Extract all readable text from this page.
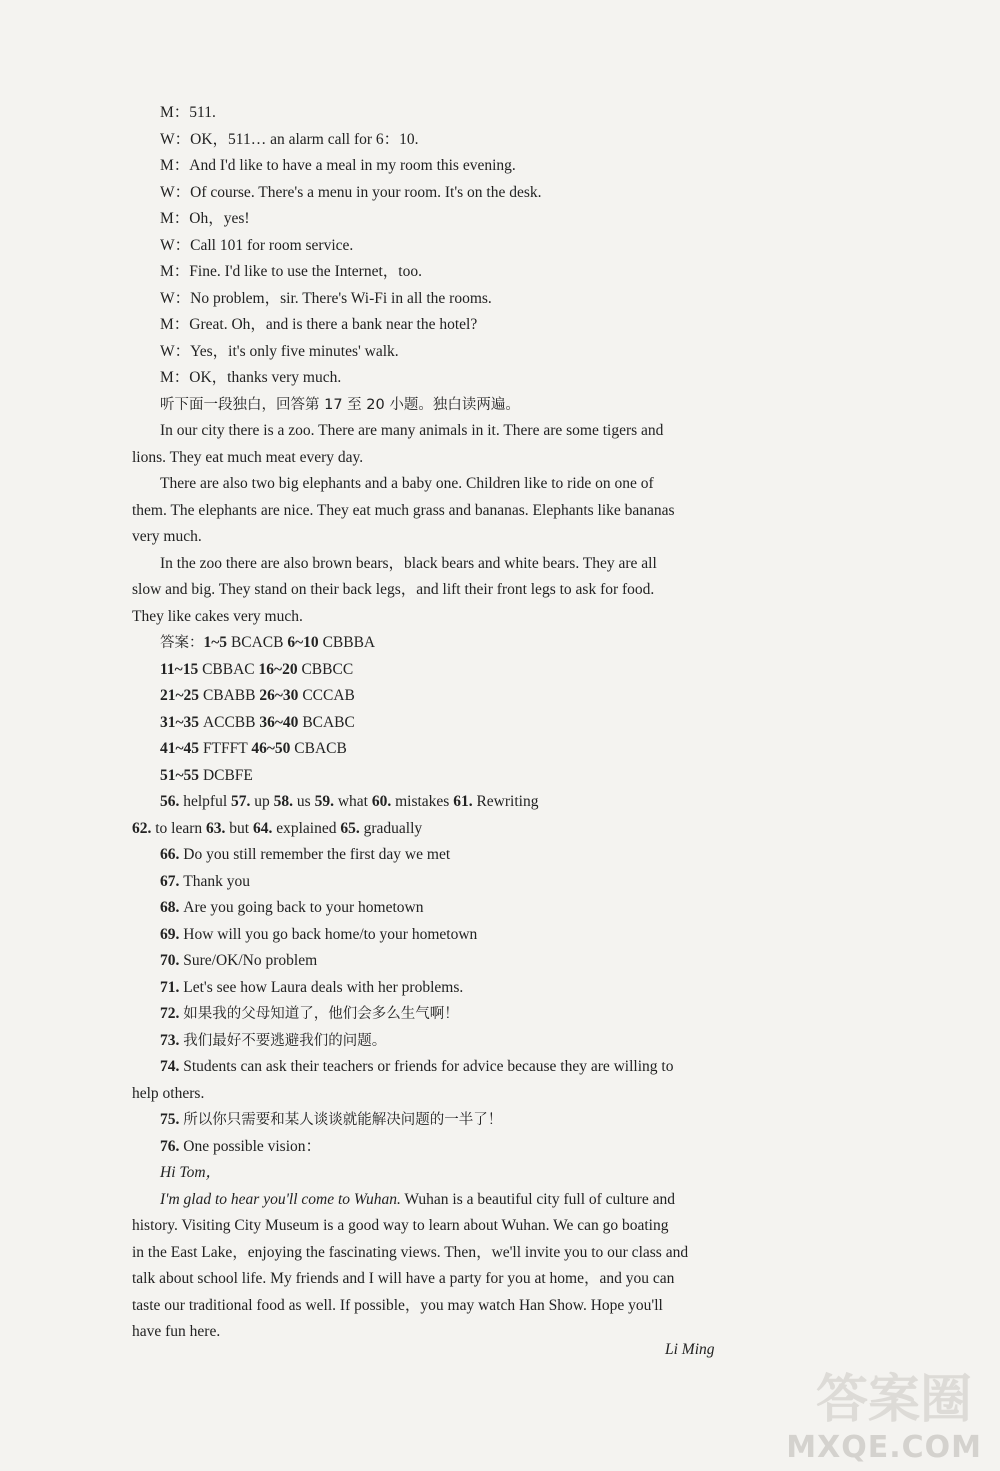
M：511.
W：OK，511… an alarm call for 6：10.
M：And I'd like to have a meal in my room this evening.
W：Of course. There's a menu in your room. It's on the desk.
M：Oh，yes!
W：Call 101 for room service.
M：Fine. I'd like to use the Internet，too.
W：No problem，sir. There's Wi-Fi in all the rooms.
M：Great. Oh，and is there a bank near the hotel?
W：Yes，it's only five minutes' walk.
M：OK，thanks very much.
听下面一段独白，回答第 17 至 20 小题。独白读两遍。
In our city there is a zoo. There are many animals in it. There are some tigers and
lions. They eat much meat every day.
There are also two big elephants and a baby one. Children like to ride on one of
them. The elephants are nice. They eat much grass and bananas. Elephants like bananas
very much.
In the zoo there are also brown bears，black bears and white bears. They are all
slow and big. They stand on their back legs，and lift their front legs to ask for food.
They like cakes very much.
答案：1~5 BCACB 6~10 CBBBA
11~15 CBBAC 16~20 CBBCC
21~25 CBABB 26~30 CCCAB
31~35 ACCBB 36~40 BCABC
41~45 FTFFT 46~50 CBACB
51~55 DCBFE
56. helpful 57. up 58. us 59. what 60. mistakes 61. Rewriting
62. to learn 63. but 64. explained 65. gradually
66. Do you still remember the first day we met
67. Thank you
68. Are you going back to your hometown
69. How will you go back home/to your hometown
70. Sure/OK/No problem
71. Let's see how Laura deals with her problems.
72. 如果我的父母知道了，他们会多么生气啊！
73. 我们最好不要逃避我们的问题。
74. Students can ask their teachers or friends for advice because they are willing to
help others.
75. 所以你只需要和某人谈谈就能解决问题的一半了！
76. One possible vision：
Hi Tom，
I'm glad to hear you'll come to Wuhan. Wuhan is a beautiful city full of culture and
history. Visiting City Museum is a good way to learn about Wuhan. We can go boating
in the East Lake，enjoying the fascinating views. Then，we'll invite you to our class and
talk about school life. My friends and I will have a party for you at home，and you can
taste our traditional food as well. If possible，you may watch Han Show. Hope you'll
have fun here.
Li Ming
答案圈
MXQE.COM
